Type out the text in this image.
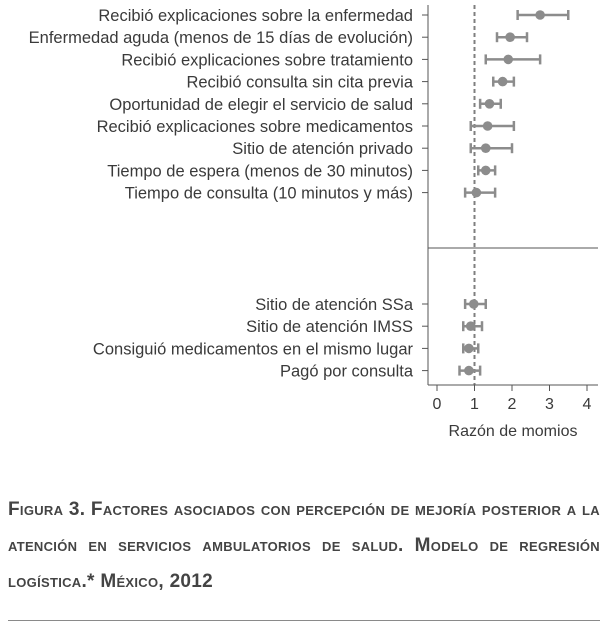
Recibió explicaciones sobre la enfermedad
Enfermedad aguda (menos de 15 días de evolución)
Recibió explicaciones sobre tratamiento
Recibió consulta sin cita previa
Oportunidad de elegir el servicio de salud
Recibió explicaciones sobre medicamentos
Sitio de atención privado
Tiempo de espera (menos de 30 minutos)
Tiempo de consulta (10 minutos y más)
Sitio de atención SSa
Sitio de atención IMSS
Consiguió medicamentos en el mismo lugar
Pagó por consulta
0 1 2 3 4
Razón de momios
Figura 3. Factores asociados con percepción de mejoría posterior a la atención en servicios ambulatorios de salud. Modelo de regresión logística.* México, 2012
